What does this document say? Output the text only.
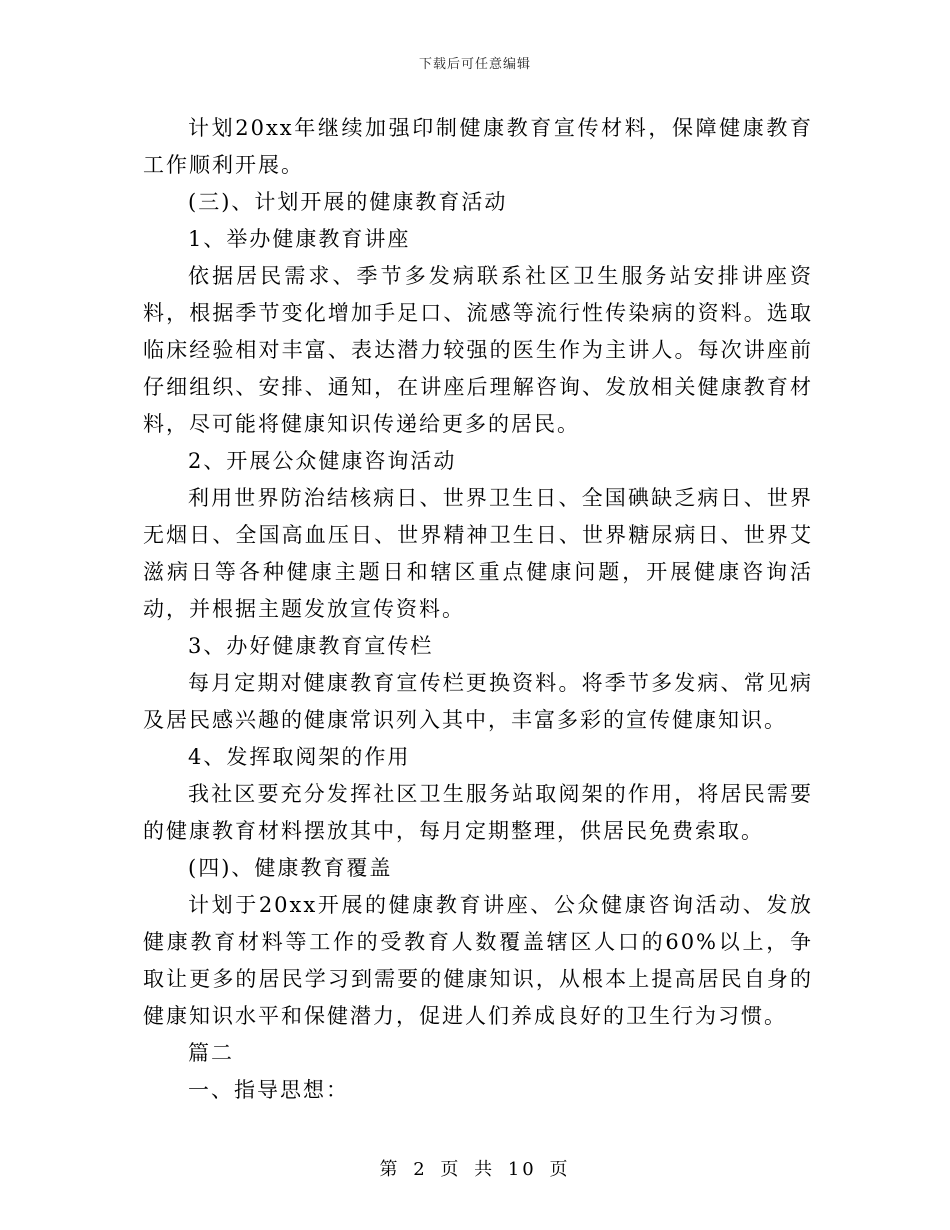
下载后可任意编辑

计划20xx年继续加强印制健康教育宣传材料，保障健康教育工作顺利开展。

(三)、计划开展的健康教育活动

1、举办健康教育讲座

依据居民需求、季节多发病联系社区卫生服务站安排讲座资料，根据季节变化增加手足口、流感等流行性传染病的资料。选取临床经验相对丰富、表达潜力较强的医生作为主讲人。每次讲座前仔细组织、安排、通知，在讲座后理解咨询、发放相关健康教育材料，尽可能将健康知识传递给更多的居民。

2、开展公众健康咨询活动

利用世界防治结核病日、世界卫生日、全国碘缺乏病日、世界无烟日、全国高血压日、世界精神卫生日、世界糖尿病日、世界艾滋病日等各种健康主题日和辖区重点健康问题，开展健康咨询活动，并根据主题发放宣传资料。

3、办好健康教育宣传栏

每月定期对健康教育宣传栏更换资料。将季节多发病、常见病及居民感兴趣的健康常识列入其中，丰富多彩的宣传健康知识。

4、发挥取阅架的作用

我社区要充分发挥社区卫生服务站取阅架的作用，将居民需要的健康教育材料摆放其中，每月定期整理，供居民免费索取。

(四)、健康教育覆盖

计划于20xx开展的健康教育讲座、公众健康咨询活动、发放健康教育材料等工作的受教育人数覆盖辖区人口的60%以上，争取让更多的居民学习到需要的健康知识，从根本上提高居民自身的健康知识水平和保健潜力，促进人们养成良好的卫生行为习惯。

篇二

一、指导思想：

第 2 页 共 10 页
